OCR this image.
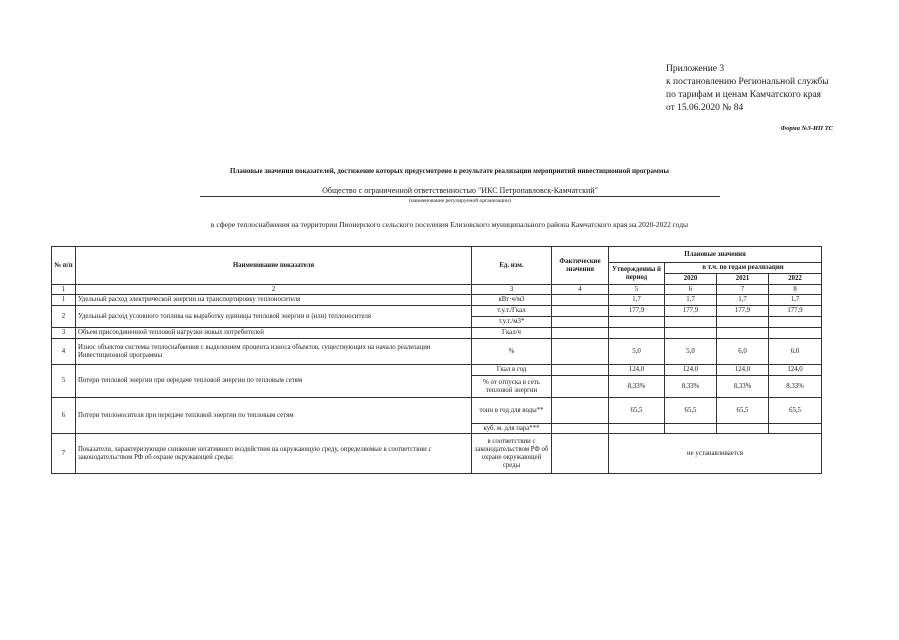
Приложение 3
к постановлению Региональной службы
по тарифам и ценам Камчатского края
от 15.06.2020 № 84
Форма №3-ИП ТС
Плановые значения показателей, достижение которых предусмотрено в результате реализации мероприятий инвестиционной программы
Общество с ограниченной ответственностью "ИКС Петропавловск-Камчатский"
(наименование регулируемой организации)
в сфере теплоснабжения на территории Пионерского сельского поселения Елизовского муниципального района Камчатского края на 2020-2022 годы
№ п/п	Наименование показателя	Ед. изм.	Фактические значения	Плановые значения			
				Утвержденны й период	в т.ч. по годам реализации		
					2020	2021	2022
1	2	3	4	5	6	7	8
1	Удельный расход электрической энергии на транспортировку теплоносителя	кВт·ч/м3		1,7	1,7	1,7	1,7
2	Удельный расход условного топлива на выработку единицы тепловой энергии и (или) теплоносителя	т.у.т./Гкал		177,9	177,9	177,9	177,9
		т.у.т./м3*					
3	Объем присоединенной тепловой нагрузки новых потребителей	Гкал/ч					
4	Износ объектов системы теплоснабжения с выделением процента износа объектов, существующих на начало реализации Инвестиционной программы	%		5,0	5,0	6,0	6,0
5	Потери тепловой энергии при передаче тепловой энергии по тепловым сетям	Гкал в год		124,0	124,0	124,0	124,0
		% от отпуска в сеть тепловой энергии		8,33%	8,33%	8,33%	8,33%
6	Потери теплоносителя при передаче тепловой энергии по тепловым сетям	тонн в год для воды**		65,5	65,5	65,5	65,5
		куб. м. для пара***					
7	Показатели, характеризующие снижение негативного воздействия на окружающую среду, определяемые в соответствии с законодательством РФ об охране окружающей среды:	в соответствии с законодательством РФ об охране окружающей среды		не устанавливается			
